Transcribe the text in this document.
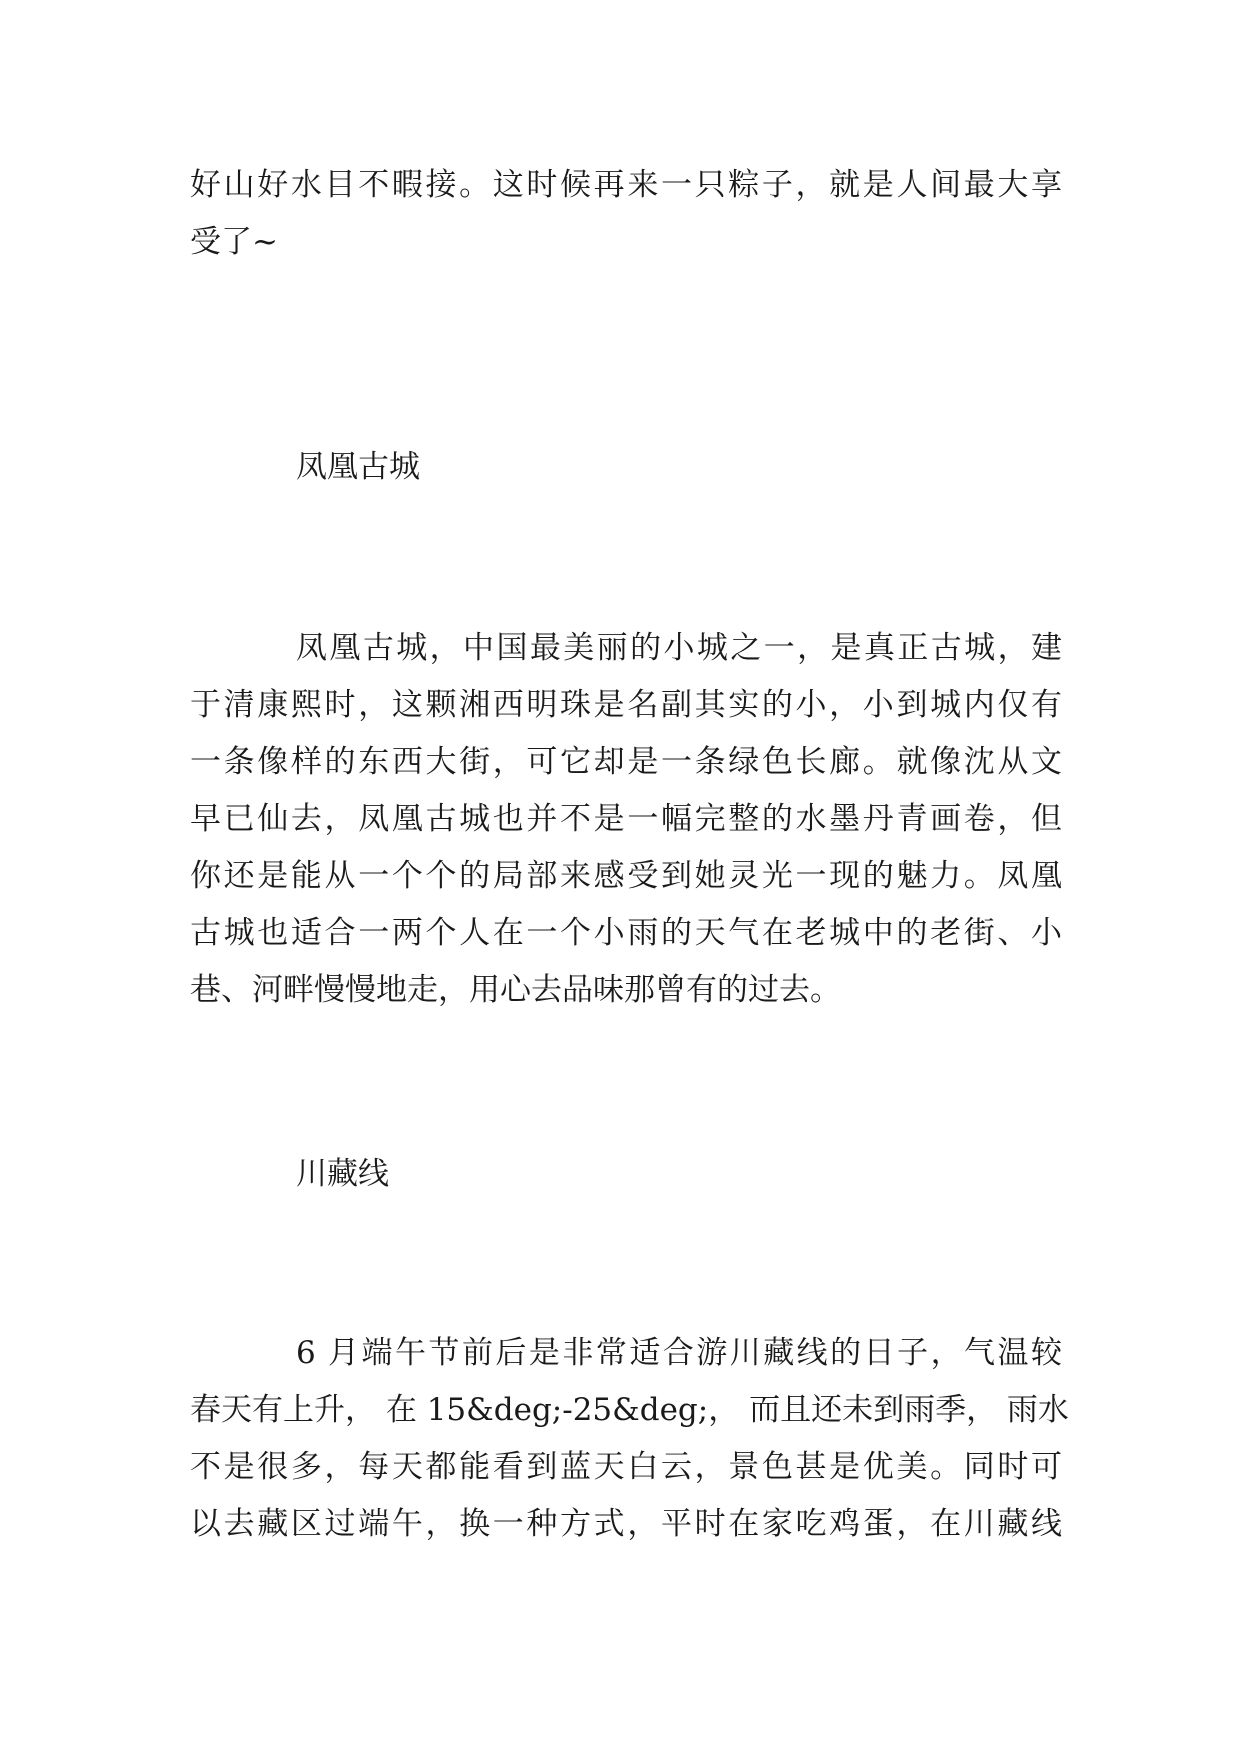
好山好水目不暇接。这时候再来一只粽子，就是人间最大享
受了~
凤凰古城
凤凰古城，中国最美丽的小城之一，是真正古城，建
于清康熙时，这颗湘西明珠是名副其实的小，小到城内仅有
一条像样的东西大街，可它却是一条绿色长廊。就像沈从文
早已仙去，凤凰古城也并不是一幅完整的水墨丹青画卷，但
你还是能从一个个的局部来感受到她灵光一现的魅力。凤凰
古城也适合一两个人在一个小雨的天气在老城中的老街、小
巷、河畔慢慢地走，用心去品味那曾有的过去。
川藏线
6 月端午节前后是非常适合游川藏线的日子，气温较
春天有上升， 在 15&deg;-25&deg;， 而且还未到雨季， 雨水
不是很多，每天都能看到蓝天白云，景色甚是优美。同时可
以去藏区过端午，换一种方式，平时在家吃鸡蛋，在川藏线
